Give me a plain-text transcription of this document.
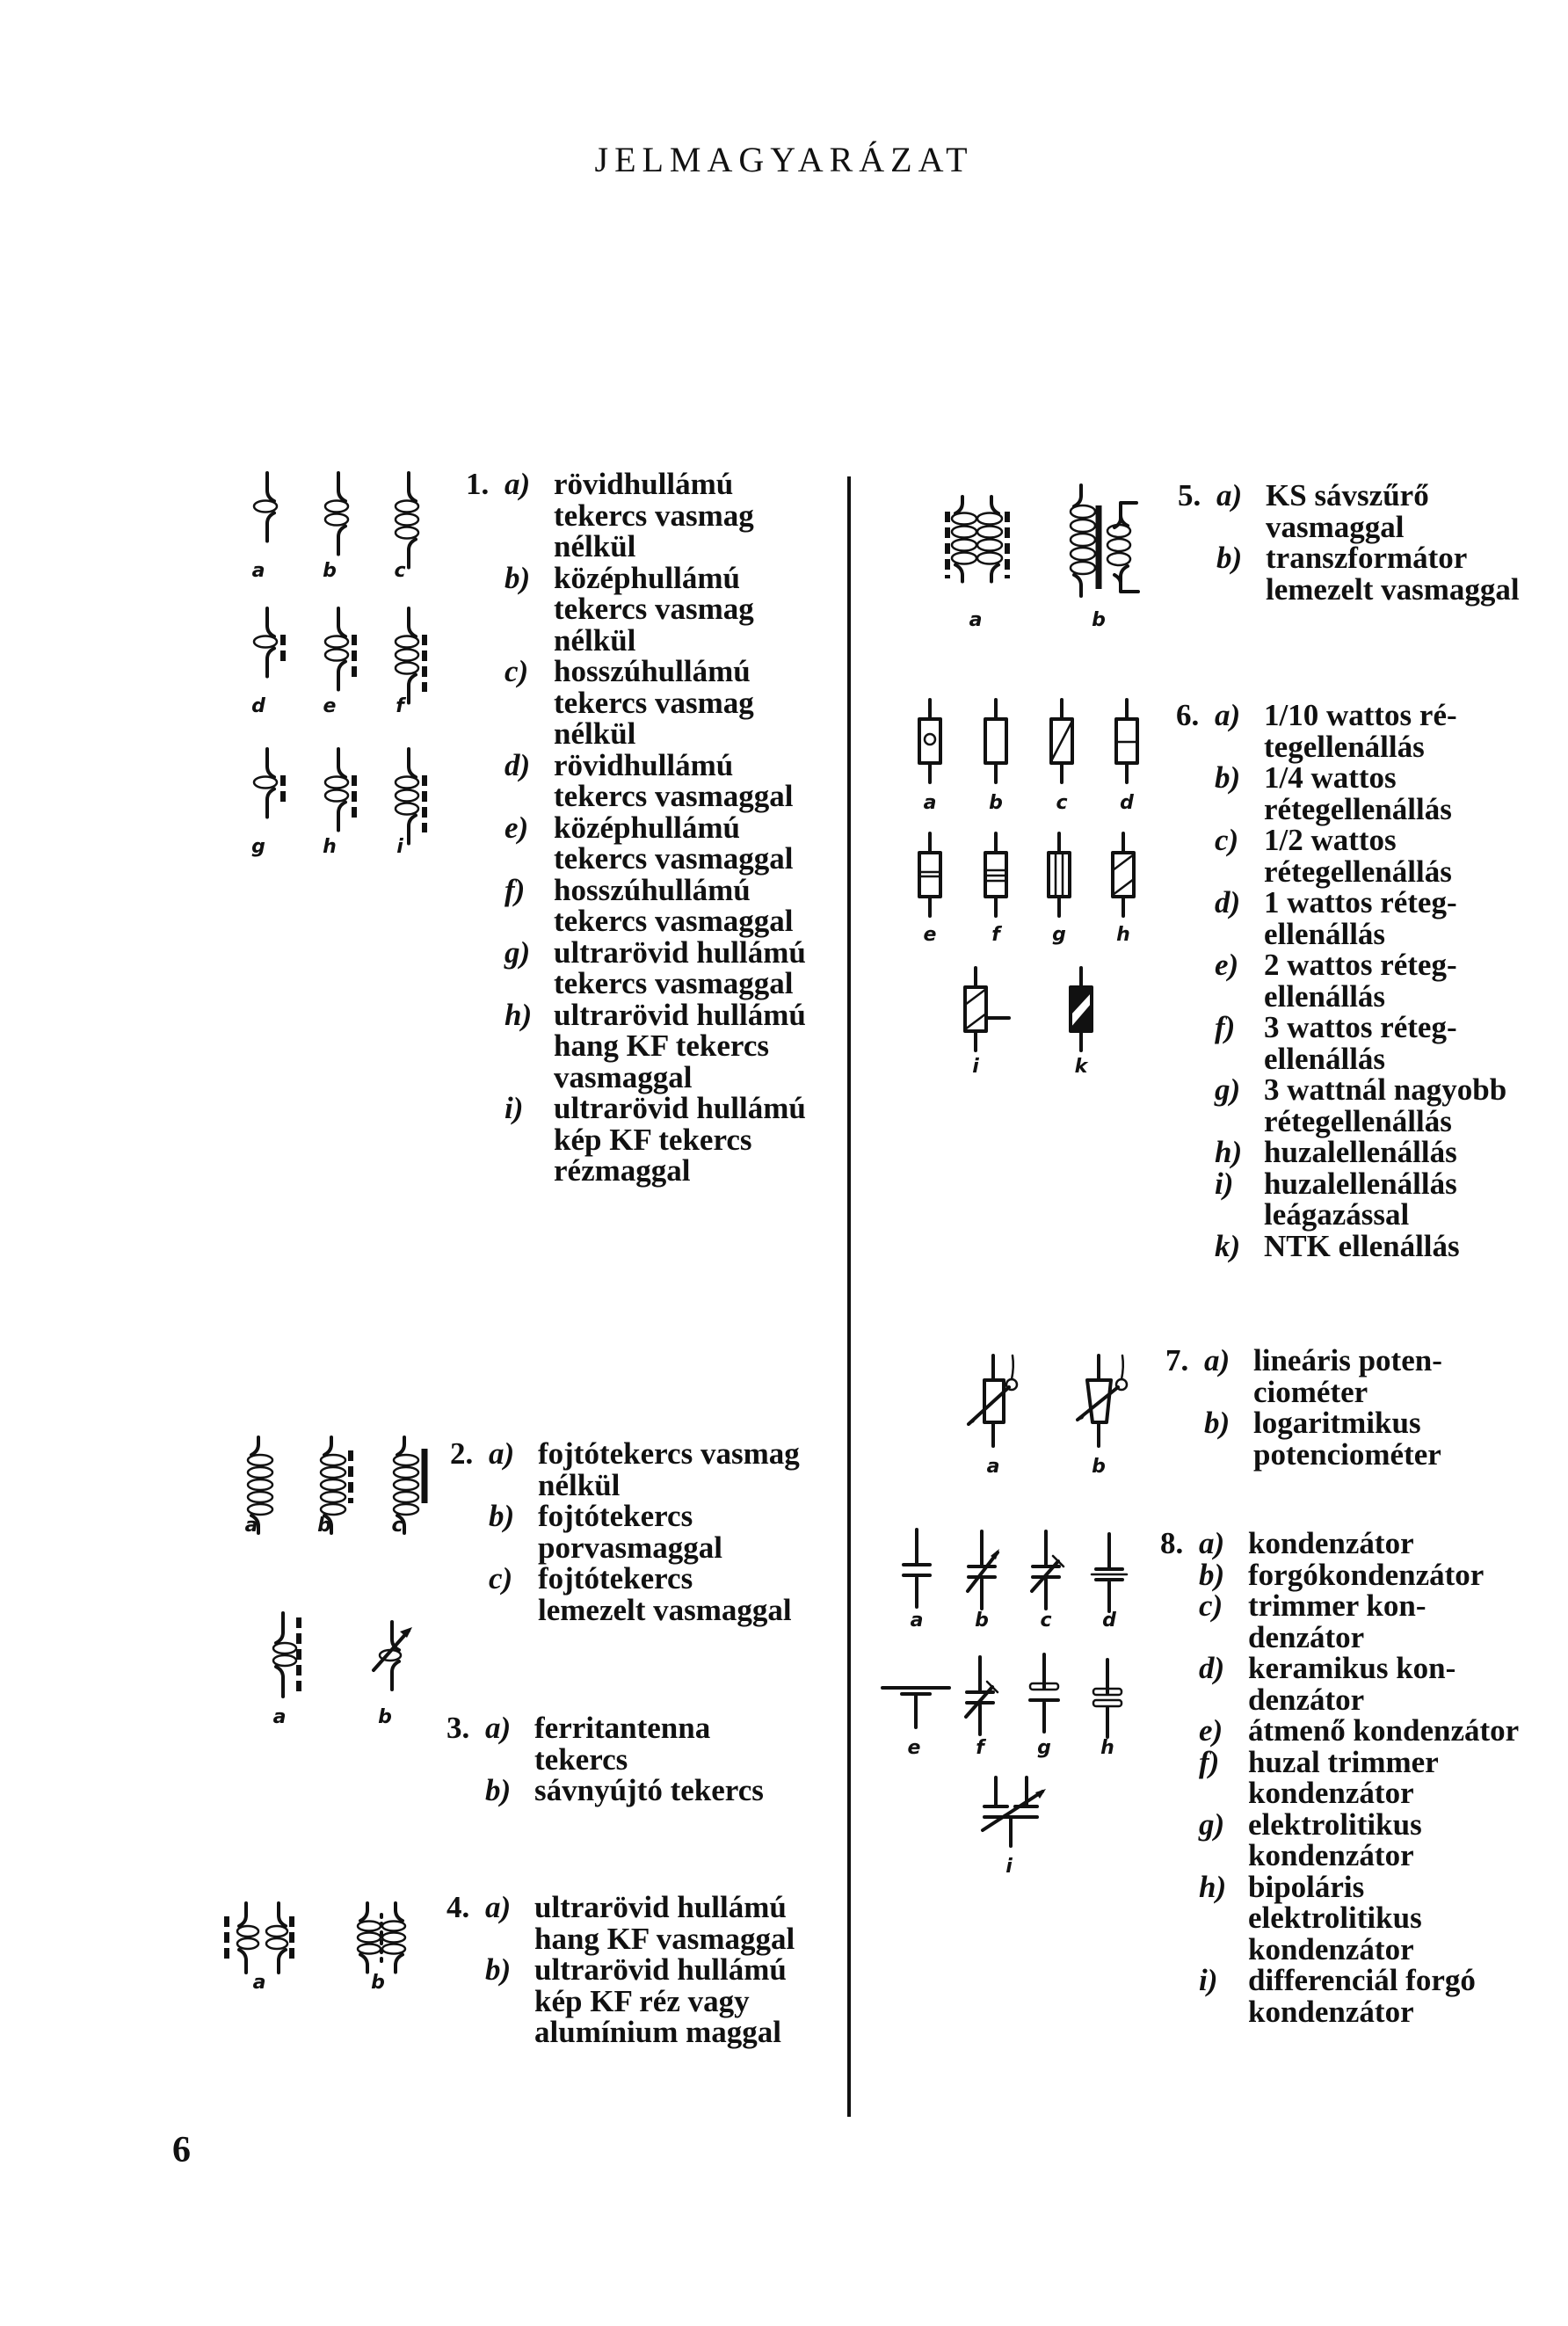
JELMAGYARÁZAT
6
1. a) rövidhullámú tekercs vasmag nélkül
b) középhullámú tekercs vasmag nélkül
c) hosszúhullámú tekercs vasmag nélkül
d) rövidhullámú tekercs vasmaggal
e) középhullámú tekercs vasmaggal
f) hosszúhullámú tekercs vasmaggal
g) ultrarövid hullámú tekercs vasmaggal
h) ultrarövid hullámú hang KF tekercs vasmaggal
i) ultrarövid hullámú kép KF tekercs rézmaggal
2. a) fojtótekercs vasmag nélkül
b) fojtótekercs porvasmaggal
c) fojtótekercs lemezelt vasmaggal
3. a) ferritantenna tekercs
b) sávnyújtó tekercs
4. a) ultrarövid hullámú hang KF vasmaggal
b) ultrarövid hullámú kép KF réz vagy alumínium maggal
5. a) KS sávszűrő vasmaggal
b) transzformátor lemezelt vasmaggal
6. a) 1/10 wattos rétegellenállás
b) 1/4 wattos rétegellenállás
c) 1/2 wattos rétegellenállás
d) 1 wattos rétegellenállás
e) 2 wattos rétegellenállás
f) 3 wattos rétegellenállás
g) 3 wattnál nagyobb rétegellenállás
h) huzalellenállás
i) huzalellenállás leágazással
k) NTK ellenállás
7. a) lineáris potenciométer
b) logaritmikus potenciométer
8. a) kondenzátor
b) forgókondenzátor
c) trimmer kondenzátor
d) keramikus kondenzátor
e) átmenő kondenzátor
f) huzal trimmer kondenzátor
g) elektrolitikus kondenzátor
h) bipoláris elektrolitikus kondenzátor
i) differenciál forgó kondenzátor
a	b	c
d	e	f
g	h	i
a	b	c
a	b
a	b
a	b
a	b	c	d
e	f	g	h
i	k
a	b
a	b	c	d
e	f	g	h
i
